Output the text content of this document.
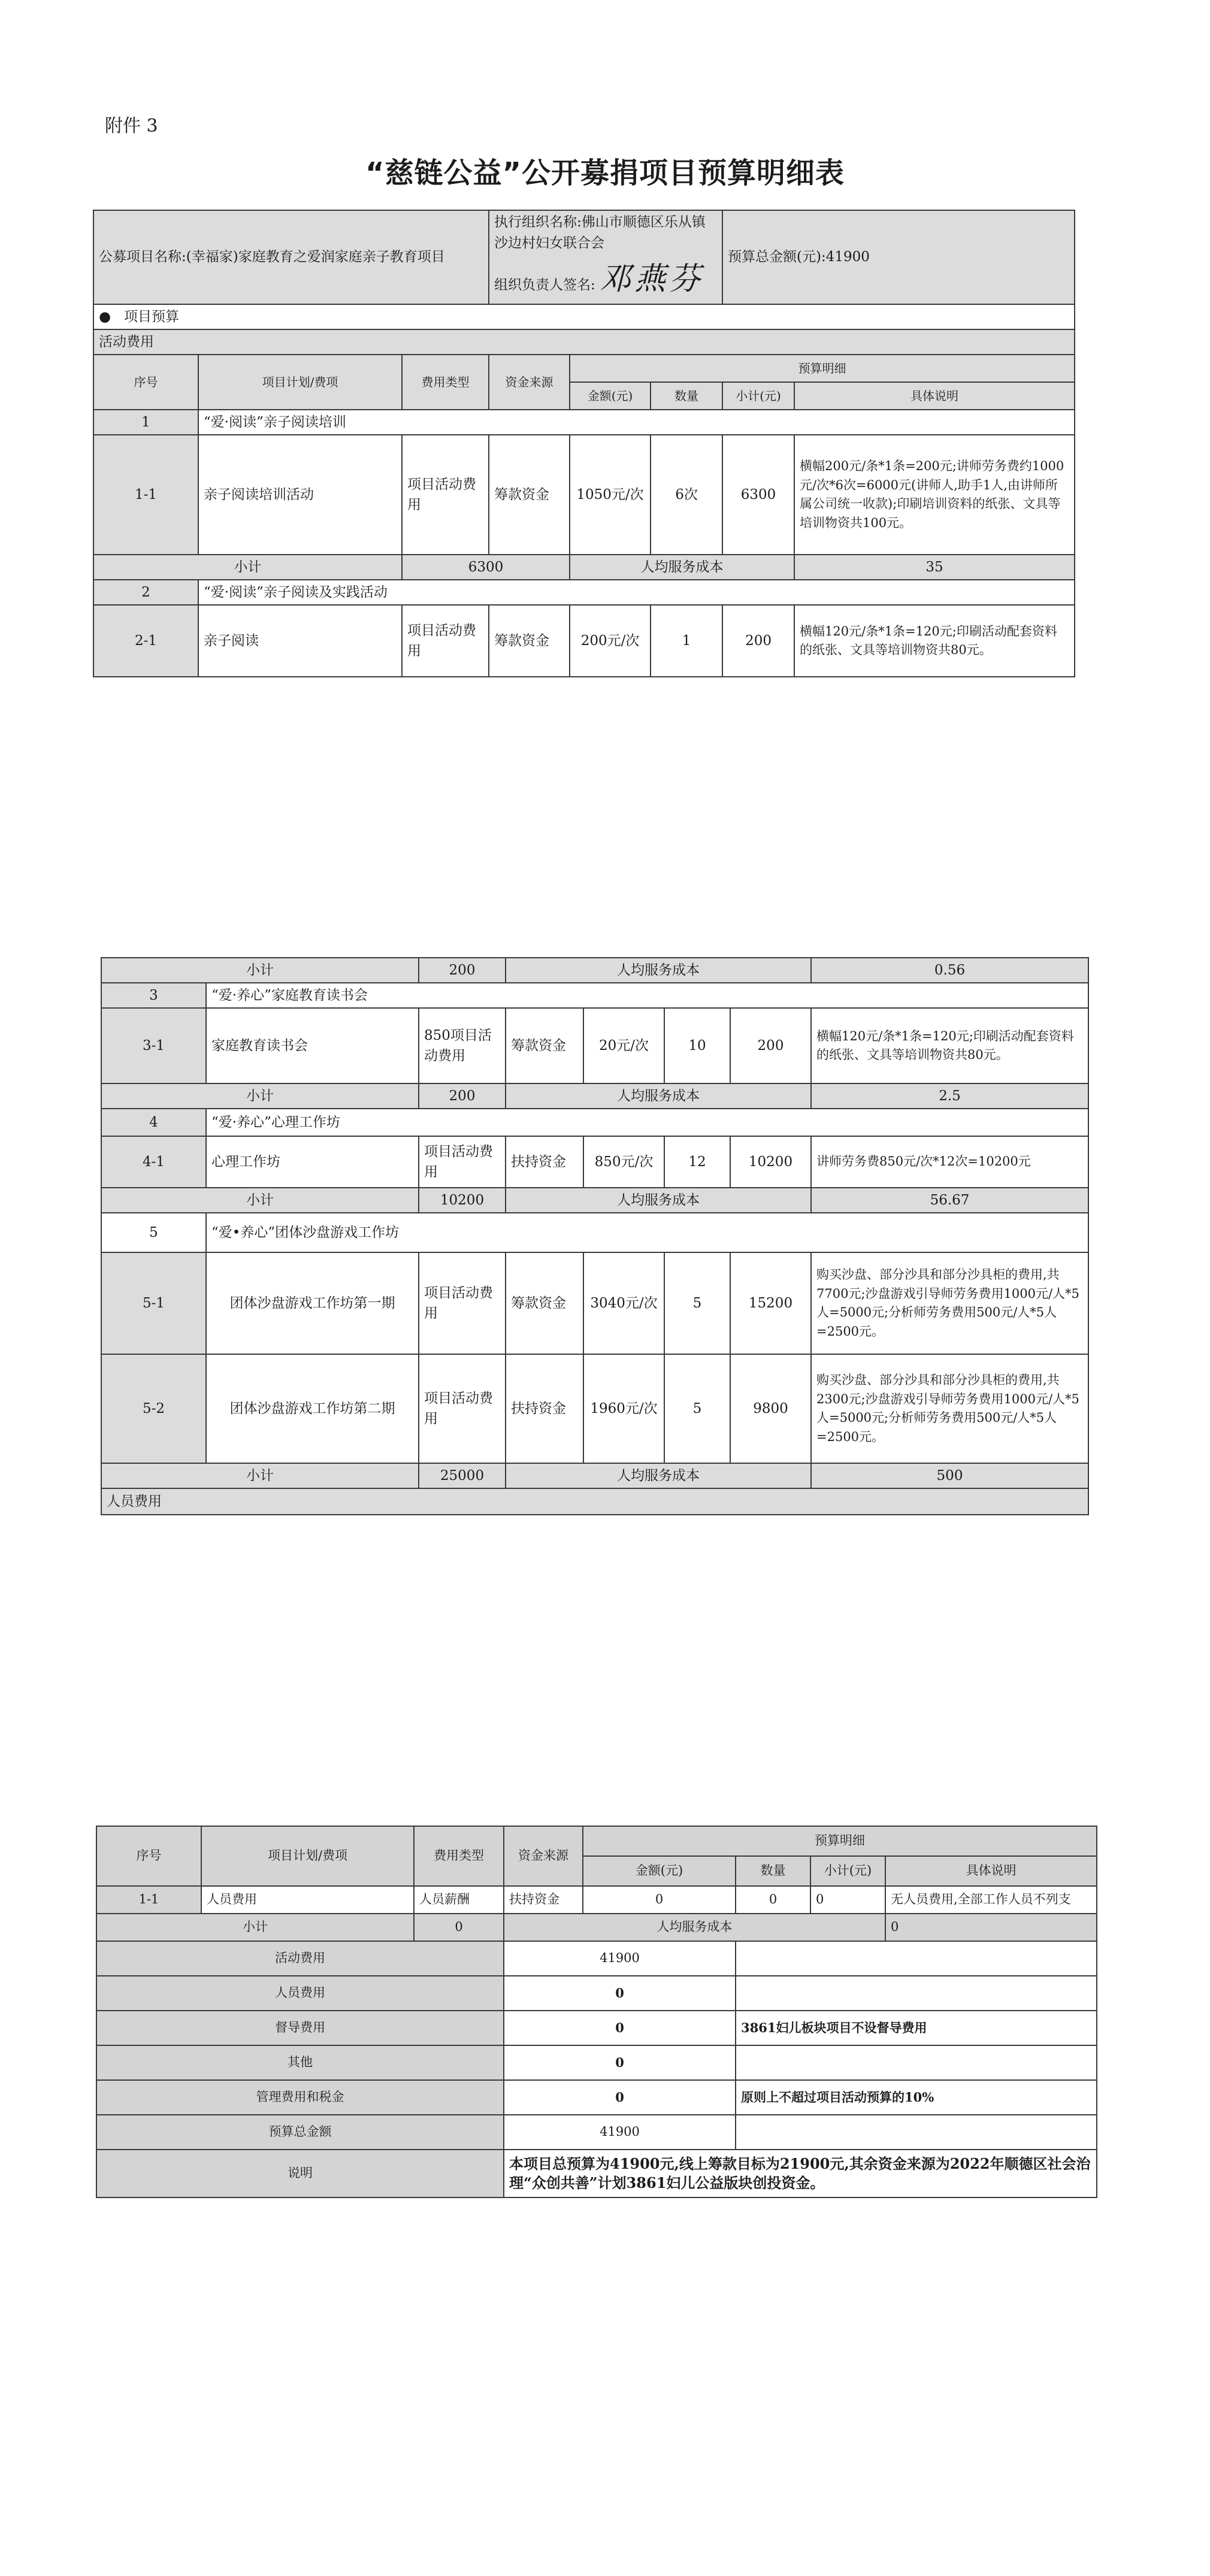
附件 3
“慈链公益”公开募捐项目预算明细表
公募项目名称:(幸福家)家庭教育之爱润家庭亲子教育项目			执行组织名称:佛山市顺德区乐从镇沙边村妇女联合会			预算总金额(元):41900	
			组织负责人签名: 邓燕芬				
●   项目预算							
活动费用							
序号	项目计划/费项	费用类型	资金来源	预算明细			
				金额(元)	数量	小计(元)	具体说明
1	“爱·阅读”亲子阅读培训						
1-1	亲子阅读培训活动	项目活动费用	筹款资金	1050元/次	6次	6300	横幅200元/条*1条=200元;讲师劳务费约1000元/次*6次=6000元(讲师人,助手1人,由讲师所属公司统一收款);印刷培训资料的纸张、文具等培训物资共100元。
小计		6300		人均服务成本			35
2	“爱·阅读”亲子阅读及实践活动						
2-1	亲子阅读	项目活动费用	筹款资金	200元/次	1	200	横幅120元/条*1条=120元;印刷活动配套资料的纸张、文具等培训物资共80元。
小计		200	人均服务成本				0.56
3	“爱·养心”家庭教育读书会						
3-1	家庭教育读书会	850项目活动费用	筹款资金	20元/次	10	200	横幅120元/条*1条=120元;印刷活动配套资料的纸张、文具等培训物资共80元。
小计		200	人均服务成本				2.5
4	“爱·养心”心理工作坊						
4-1	心理工作坊	项目活动费用	扶持资金	850元/次	12	10200	讲师劳务费850元/次*12次=10200元
小计		10200	人均服务成本				56.67
5	“爱•养心”团体沙盘游戏工作坊						
5-1	团体沙盘游戏工作坊第一期	项目活动费用	筹款资金	3040元/次	5	15200	购买沙盘、部分沙具和部分沙具柜的费用,共7700元;沙盘游戏引导师劳务费用1000元/人*5人=5000元;分析师劳务费用500元/人*5人=2500元。
5-2	团体沙盘游戏工作坊第二期	项目活动费用	扶持资金	1960元/次	5	9800	购买沙盘、部分沙具和部分沙具柜的费用,共2300元;沙盘游戏引导师劳务费用1000元/人*5人=5000元;分析师劳务费用500元/人*5人=2500元。
小计		25000	人均服务成本				500
人员费用							
序号	项目计划/费项	费用类型	资金来源	预算明细			
				金额(元)	数量	小计(元)	具体说明
1-1	人员费用	人员薪酬	扶持资金	0	0	0	无人员费用,全部工作人员不列支
小计		0	人均服务成本				0
活动费用			41900				
人员费用			0				
督导费用			0		3861妇儿板块项目不设督导费用		
其他			0				
管理费用和税金			0		原则上不超过项目活动预算的10%		
预算总金额			41900				
说明			本项目总预算为41900元,线上筹款目标为21900元,其余资金来源为2022年顺德区社会治理“众创共善”计划3861妇儿公益版块创投资金。				
